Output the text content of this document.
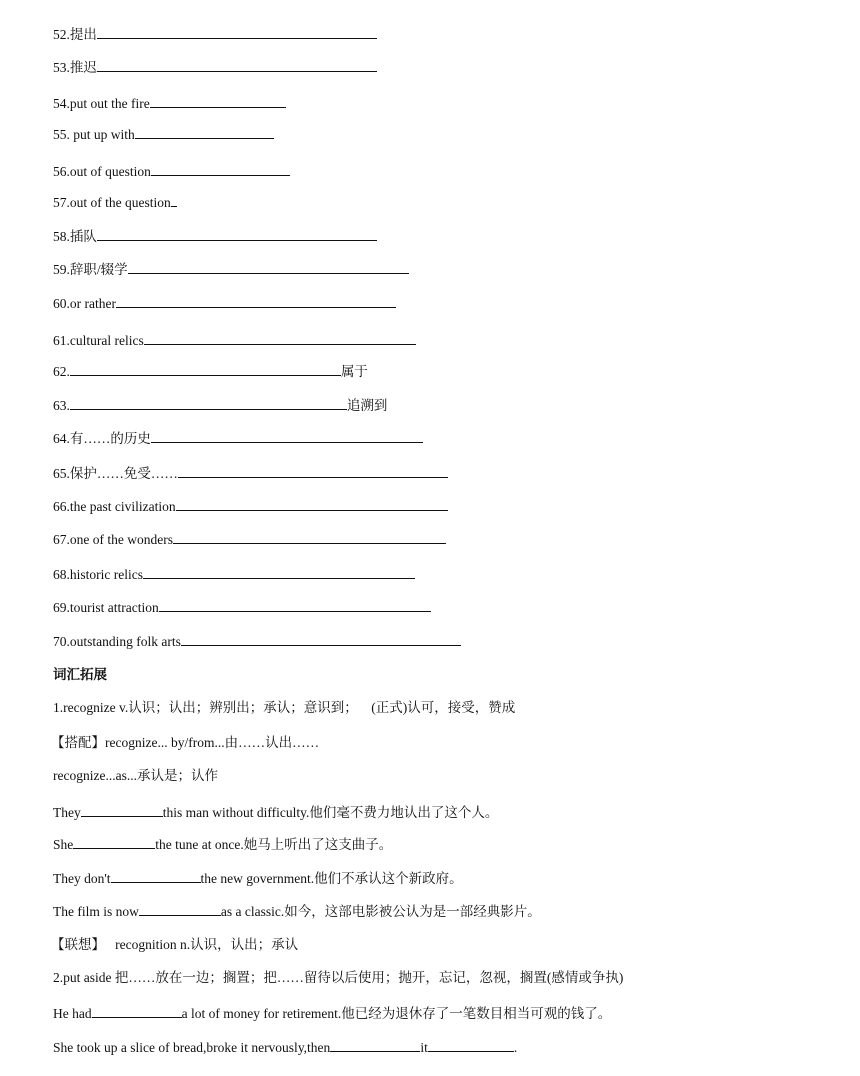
52.提出
53.推迟
54.put out the fire
55. put up with
56.out of question
57.out of the question
58.插队
59.辞职/辍学
60.or rather
61.cultural relics
62.	属于
63.	追溯到
64.有……的历史
65.保护……免受……
66.the past civilization
67.one of the wonders
68.historic relics
69.tourist attraction
70.outstanding folk arts
词汇拓展
1.recognize v.认识；认出；辨别出；承认；意识到；    (正式)认可，接受，赞成
【搭配】recognize... by/from...由……认出……
recognize...as...承认是；认作
They	this man without difficulty.他们毫不费力地认出了这个人。
She	the tune at once.她马上听出了这支曲子。
They don't	the new government.他们不承认这个新政府。
The film is now	as a classic.如今，这部电影被公认为是一部经典影片。
【联想】   recognition n.认识，认出；承认
2.put aside 把……放在一边；搁置；把……留待以后使用；抛开，忘记，忽视，搁置(感情或争执)
He had	a lot of money for retirement.他已经为退休存了一笔数目相当可观的钱了。
She took up a slice of bread,broke it nervously,then	it	.
